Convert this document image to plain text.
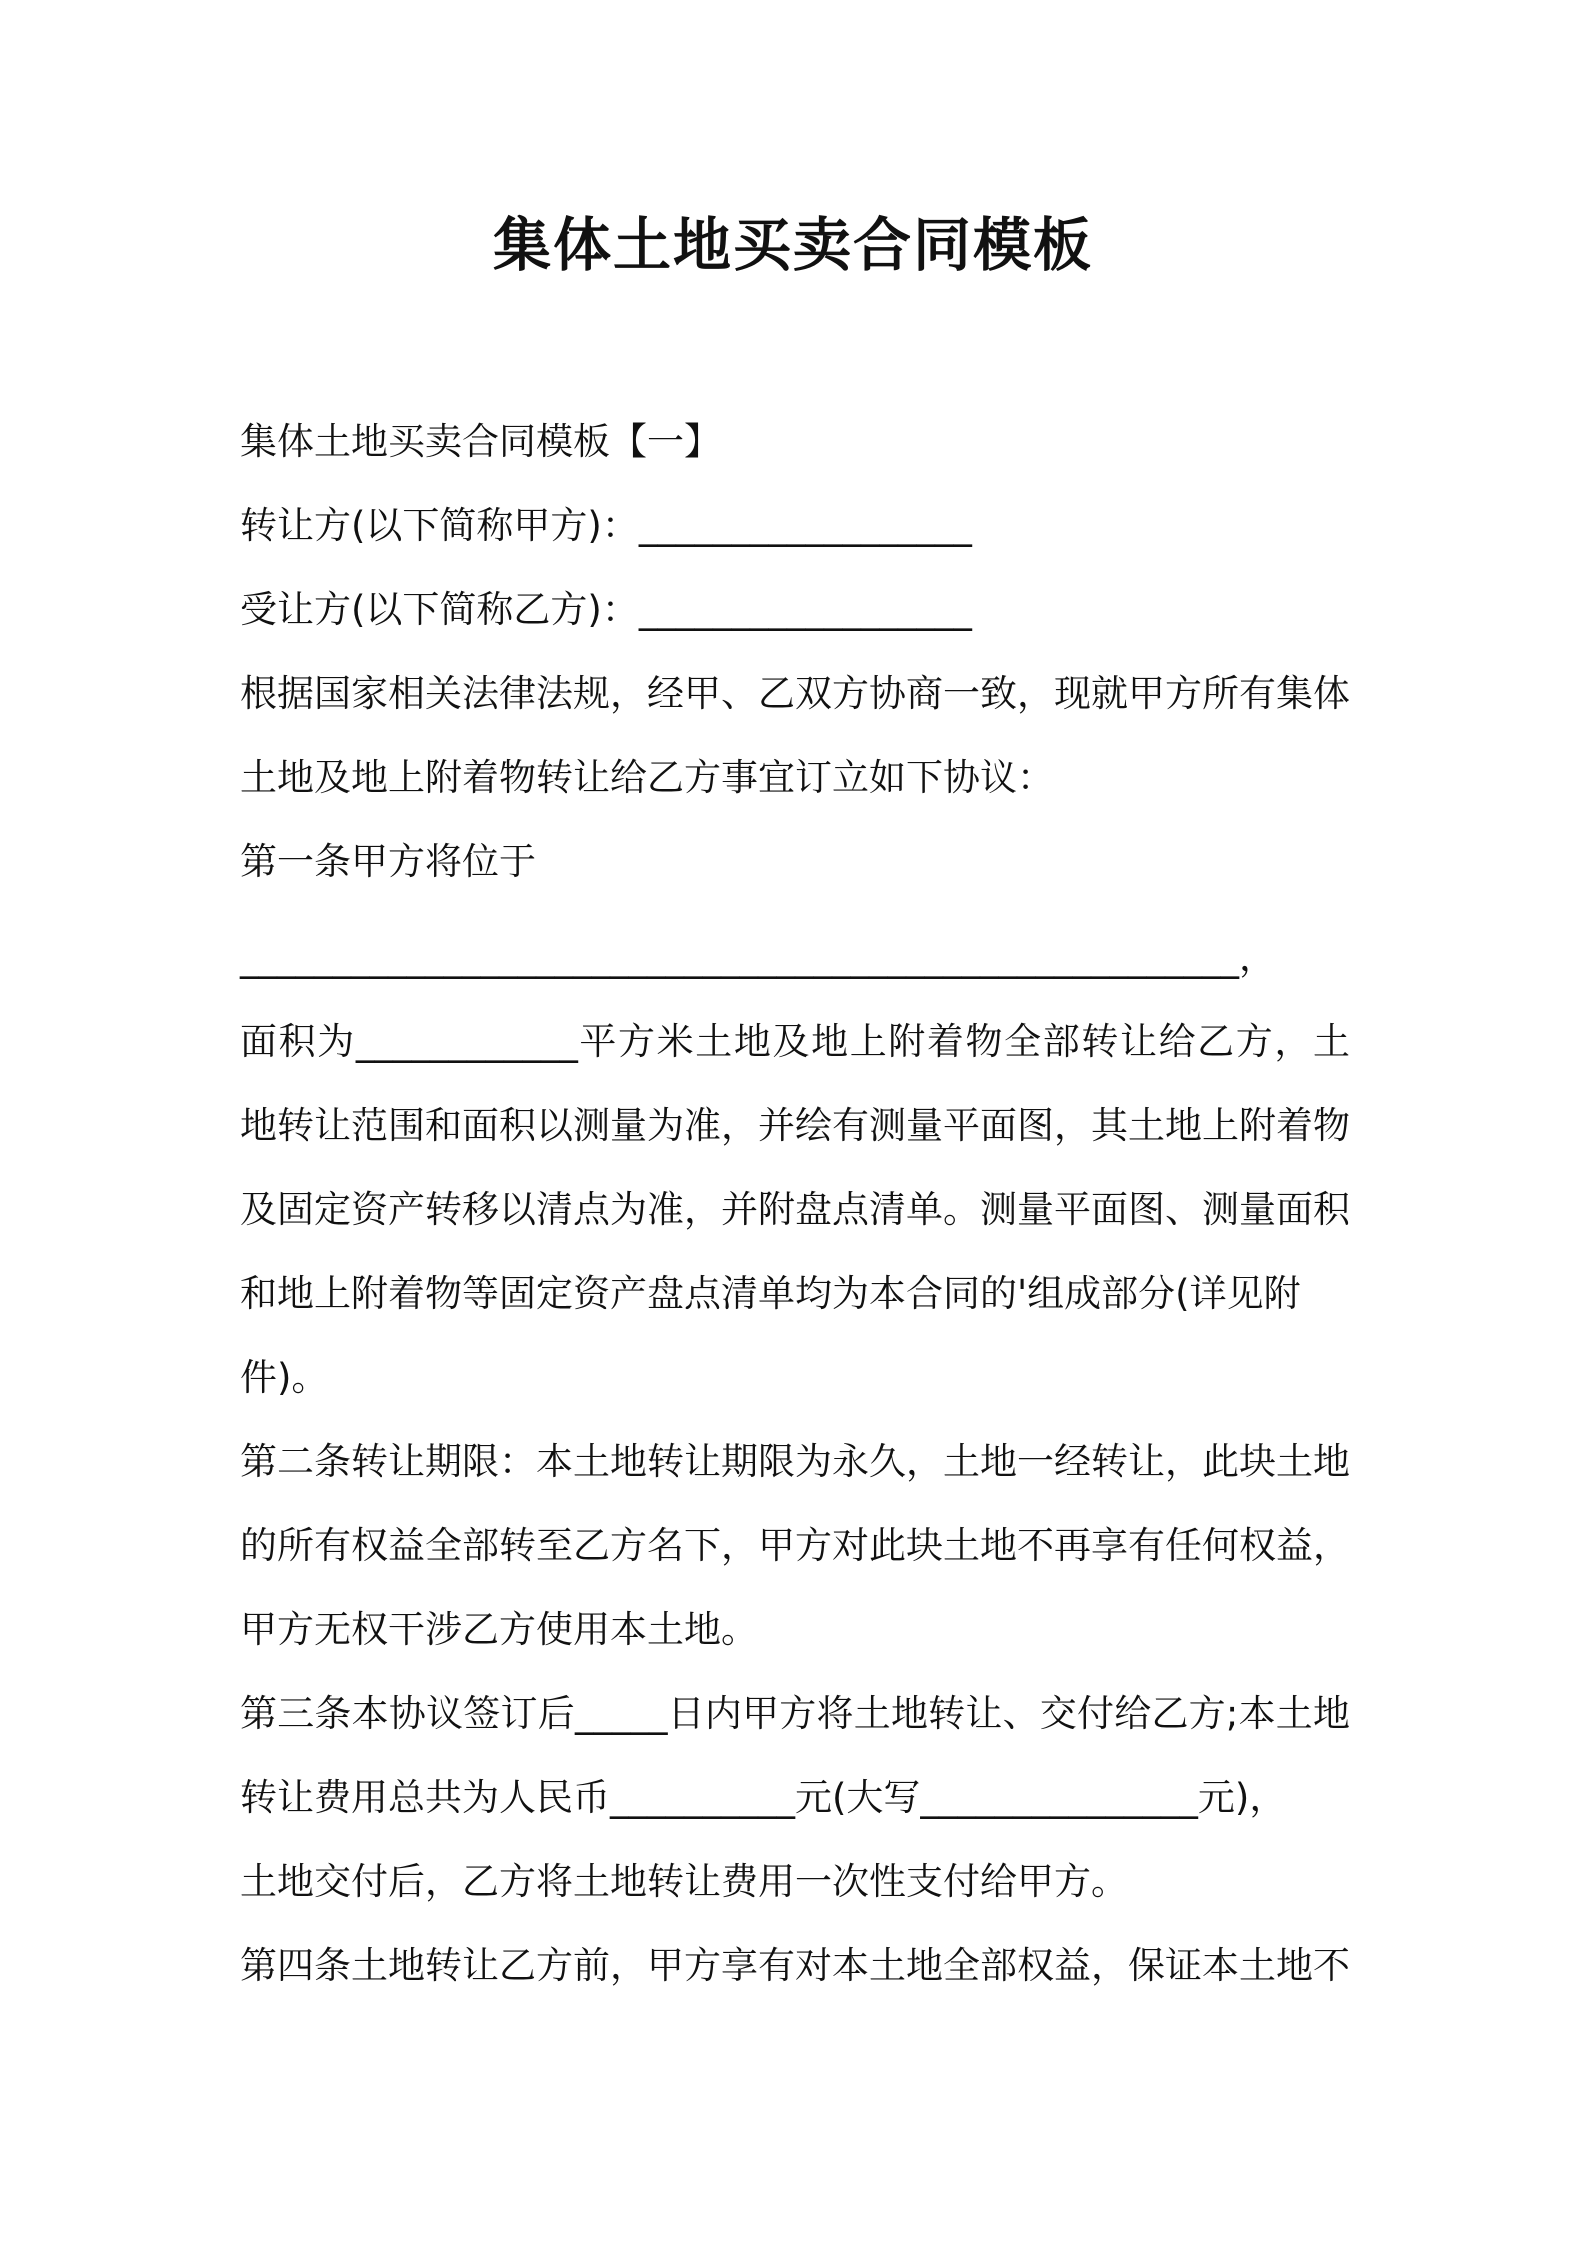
集体土地买卖合同模板
集体土地买卖合同模板【一】
转让方(以下简称甲方)：__________________
受让方(以下简称乙方)：__________________
根据国家相关法律法规，经甲、乙双方协商一致，现就甲方所有集体
土地及地上附着物转让给乙方事宜订立如下协议：
第一条甲方将位于
______________________________________________________，
面积为____________平方米土地及地上附着物全部转让给乙方，土
地转让范围和面积以测量为准，并绘有测量平面图，其土地上附着物
及固定资产转移以清点为准，并附盘点清单。测量平面图、测量面积
和地上附着物等固定资产盘点清单均为本合同的'组成部分(详见附
件)。
第二条转让期限：本土地转让期限为永久，土地一经转让，此块土地
的所有权益全部转至乙方名下，甲方对此块土地不再享有任何权益，
甲方无权干涉乙方使用本土地。
第三条本协议签订后_____日内甲方将土地转让、交付给乙方;本土地
转让费用总共为人民币__________元(大写_______________元)，
土地交付后，乙方将土地转让费用一次性支付给甲方。
第四条土地转让乙方前，甲方享有对本土地全部权益，保证本土地不
